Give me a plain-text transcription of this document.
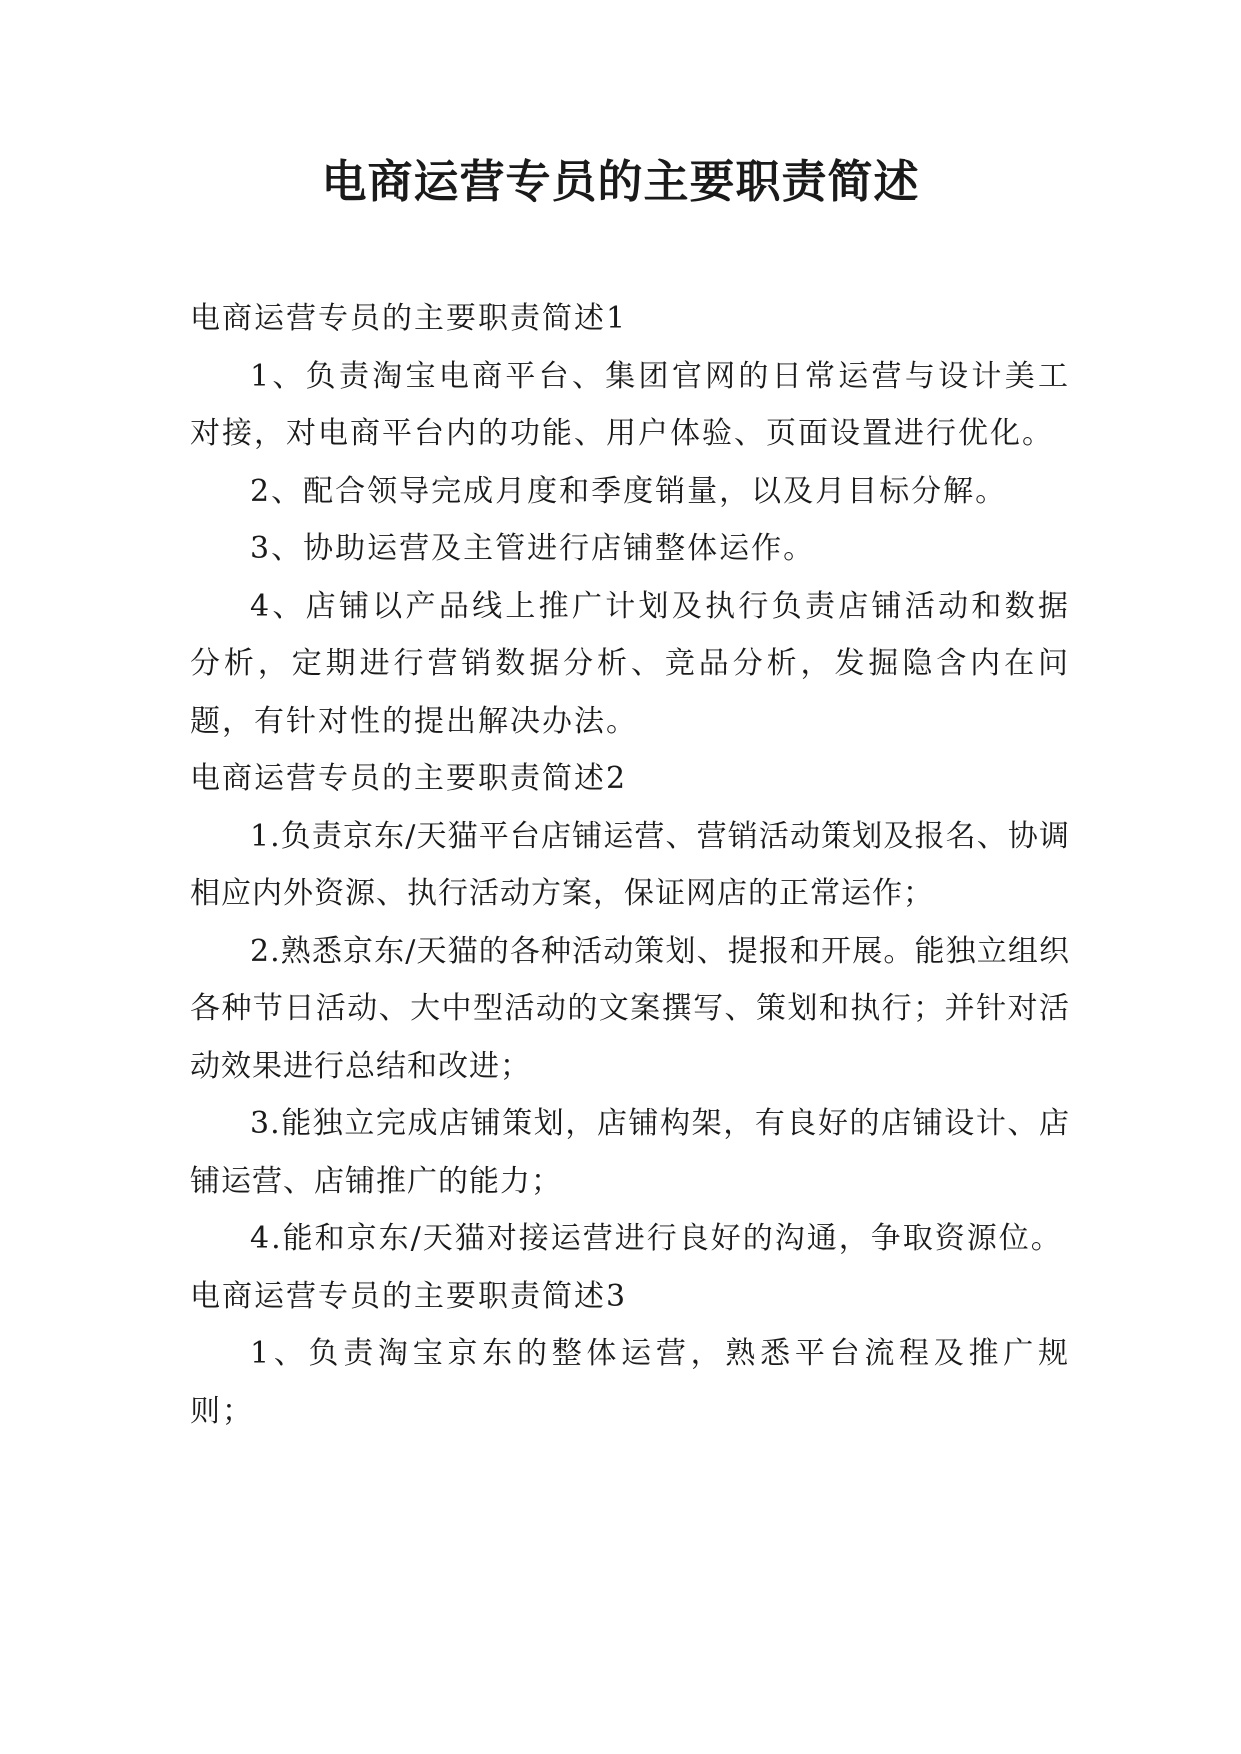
电商运营专员的主要职责简述

电商运营专员的主要职责简述1

1、负责淘宝电商平台、集团官网的日常运营与设计美工对接，对电商平台内的功能、用户体验、页面设置进行优化。

2、配合领导完成月度和季度销量，以及月目标分解。

3、协助运营及主管进行店铺整体运作。

4、店铺以产品线上推广计划及执行负责店铺活动和数据分析，定期进行营销数据分析、竞品分析，发掘隐含内在问题，有针对性的提出解决办法。

电商运营专员的主要职责简述2

1.负责京东/天猫平台店铺运营、营销活动策划及报名、协调相应内外资源、执行活动方案，保证网店的正常运作；

2.熟悉京东/天猫的各种活动策划、提报和开展。能独立组织各种节日活动、大中型活动的文案撰写、策划和执行；并针对活动效果进行总结和改进；

3.能独立完成店铺策划，店铺构架，有良好的店铺设计、店铺运营、店铺推广的能力；

4.能和京东/天猫对接运营进行良好的沟通，争取资源位。

电商运营专员的主要职责简述3

1、负责淘宝京东的整体运营，熟悉平台流程及推广规则；
